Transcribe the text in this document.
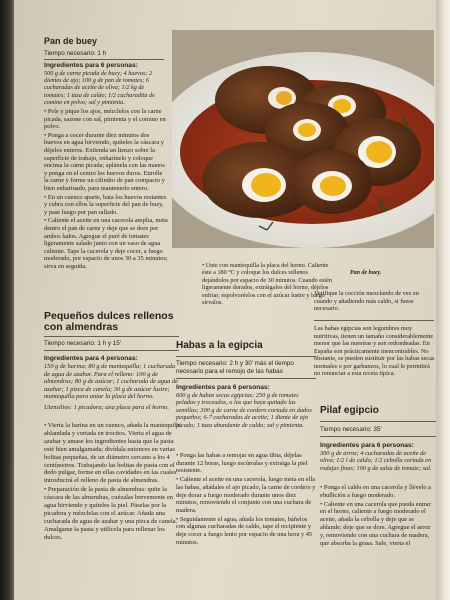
Pan de buey
Tiempo necesario: 1 h
Ingredientes para 6 personas:
500 g de carne picada de buey; 4 huevos; 2 dientes de ajo; 100 g de pan de tomates; 6 cucharadas de aceite de oliva; 1/2 kg de tomates; 1 taza de caldo; 1/2 cucharadita de comino en polvo; sal y pimienta.

• Pele y pique los ajos, mézclelos con la carne picada, sazone con sal, pimienta y el comino en polvo.

• Ponga a cocer durante diez minutos dos huevos en agua hirviendo, quíteles la cáscara y déjelos enteros. Extienda un lienzo sobre la superficie de trabajo, enharínelo y coloque encima la carne picada; aplánela con las manos y ponga en el centro los huevos duros. Enrolle la carne y forme un cilindro de pan compacto y bien enharinado, para mantenerlo entero.

• En un cuenco aparte, bata los huevos restantes y cubra con ellos la superficie del pan de buey, y pase luego por pan rallado.

• Caliente el aceite en una cacerola amplia, meta dentro el pan de carne y deje que se dore por ambos lados. Agregue el puré de tomates ligeramente salado junto con un vaso de agua caliente. Tape la cacerola y deje cocer, a fuego moderado, por espacio de unos 30 a 35 minutos; sirva en seguida.

Pan de buey.
• Unte con mantequilla la placa del horno. Caliente éste a 180 °C y coloque los dulces rellenos dejándolos por espacio de 30 minutos. Cuando estén ligeramente dorados, extráigalos del horno, déjelos enfriar, espolvoréelos con el azúcar lustre y luego sírvalos.
Pequeños dulces rellenos con almendras
Tiempo necesario: 1 h y 15'
Ingredientes para 4 personas:
150 g de harina; 80 g de mantequilla; 1 cucharada de agua de azahar. Para el relleno: 100 g de almendras; 80 g de azúcar; 1 cucharada de agua de azahar; 1 pizca de canela; 30 g de azúcar lustre; mantequilla para untar la placa del horno.
Utensilios: 1 picadora; una placa para el horno.

• Vierta la harina en un cuenco, añada la mantequilla ablandada y cortada en trocitos. Vierta el agua de azahar y amase los ingredientes hasta que la pasta esté bien amalgamada; divídala entonces en varias bolitas pequeñas, de un diámetro cercano a los 4 centímetros. Trabajando las bolitas de pasta con el dedo pulgar, forme en ellas cavidades en las cuales introducirá el relleno de pasta de almendras.

• Preparación de la pasta de almendras: quite la cáscara de las almendras, cuézalas brevemente en agua hirviendo y quíteles la piel. Páselas por la picadora y mézclelas con el azúcar. Añada una cucharada de agua de azahar y una pizca de canela. Amalgame la pasta y utilícela para rellenar los dulces.

Habas a la egipcia
Tiempo necesario: 2 h y 30' más el tiempo necesario para el remojo de las habas
Ingredientes para 6 personas:
600 g de habas secas egipcias; 250 g de tomates pelados y troceados, o las que haya quitado las semillas; 300 g de carne de cordero cortada en dados pequeños; 6-7 cucharadas de aceite; 1 diente de ajo picado; 1 taza abundante de caldo; sal y pimienta.

• Ponga las habas a remojar en agua tibia, déjelas durante 12 horas, luego escúrralas y extraiga la piel resistente.

• Caliente el aceite en una cacerola, luego meta en ella las habas, añádales el ajo picado, la carne de cordero y deje dorar a fuego moderado durante unos diez minutos, removiendo el conjunto con una cuchara de madera.

• Seguidamente el agua, añada los tomates, báñelos con algunas cucharadas de caldo, tape el recipiente y deje cocer a fuego lento por espacio de una hora y 45 minutos.

Verifique la cocción mezclando de vez en cuando y añadiendo más caldo, si fuese necesario.
Las habas egipcias son legumbres muy nutritivas, tienen un tamaño considerablemente menor que las nuestras y son redondeadas. En España son prácticamente inencontrables. No obstante, se pueden sustituir por las habas secas normales o por garbanzos, lo cual le permitirá no renunciar a esta receta típica.
Pilaf egipcio
Tiempo necesario: 35'
Ingredientes para 6 personas:
300 g de arroz; 4 cucharadas de aceite de oliva; 1/2 l de caldo; 1/2 cebolla cortada en rodajas finas; 100 g de salsa de tomate; sal.

• Ponga el caldo en una cacerola y llévelo a ebullición a fuego moderado.

• Caliente en una cacerola que pueda entrar en el horno, caliente a fuego moderado el aceite, añada la cebolla y deje que se ablande; deje que se dore. Agregue el arroz y, removiendo con una cuchara de madera, que absorba la grasa. Sale, vierta el
